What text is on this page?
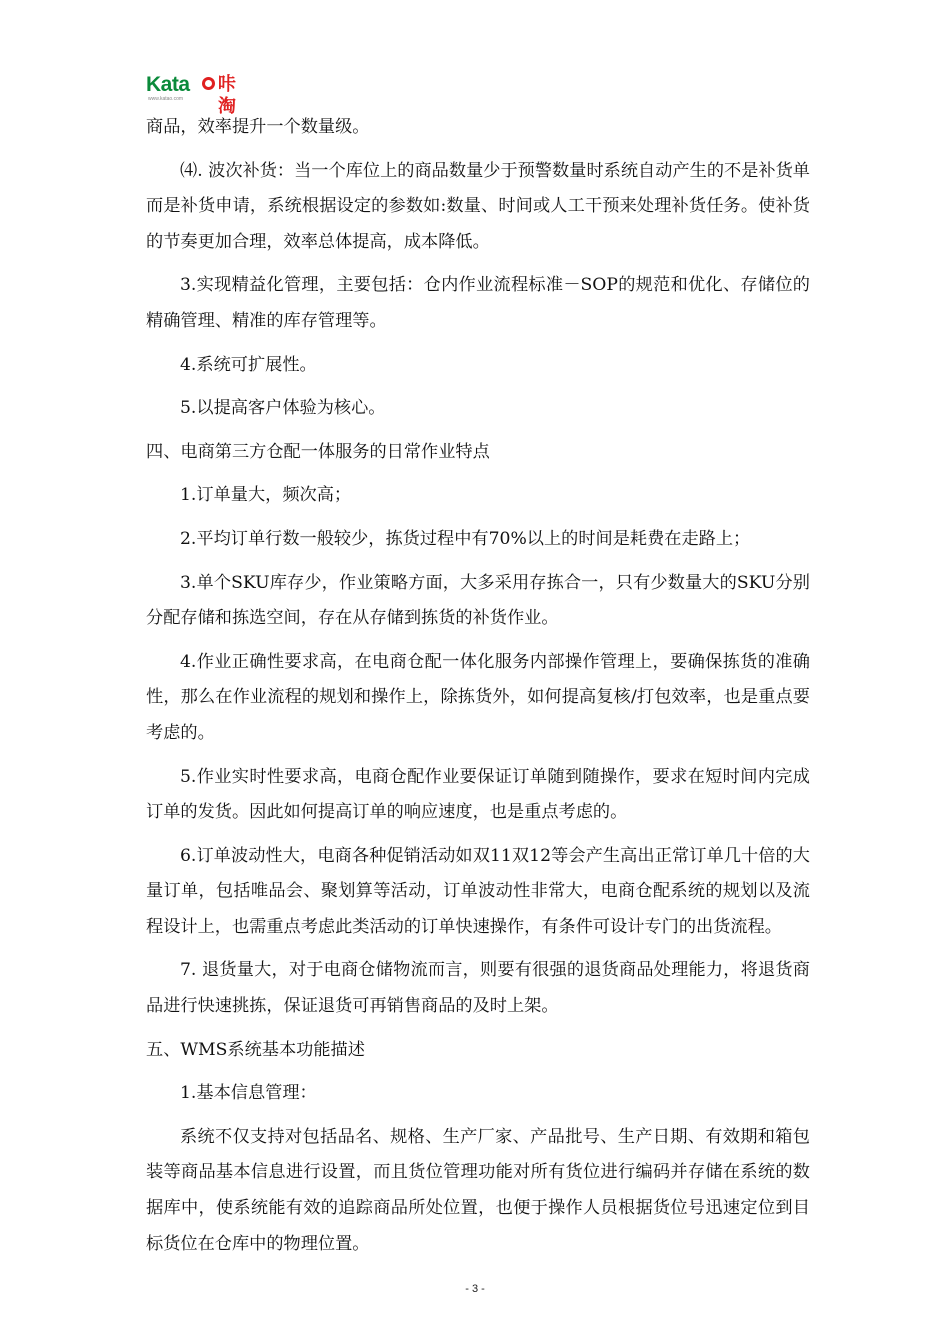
Kata 咔淘
www.katao.com

商品，效率提升一个数量级。

⑷. 波次补货：当一个库位上的商品数量少于预警数量时系统自动产生的不是补货单而是补货申请，系统根据设定的参数如:数量、时间或人工干预来处理补货任务。使补货的节奏更加合理，效率总体提高，成本降低。

3.实现精益化管理，主要包括：仓内作业流程标准－SOP的规范和优化、存储位的精确管理、精准的库存管理等。

4.系统可扩展性。

5.以提高客户体验为核心。

四、电商第三方仓配一体服务的日常作业特点

1.订单量大，频次高；

2.平均订单行数一般较少，拣货过程中有70%以上的时间是耗费在走路上；

3.单个SKU库存少，作业策略方面，大多采用存拣合一，只有少数量大的SKU分别分配存储和拣选空间，存在从存储到拣货的补货作业。

4.作业正确性要求高，在电商仓配一体化服务内部操作管理上，要确保拣货的准确性，那么在作业流程的规划和操作上，除拣货外，如何提高复核/打包效率，也是重点要考虑的。

5.作业实时性要求高，电商仓配作业要保证订单随到随操作，要求在短时间内完成订单的发货。因此如何提高订单的响应速度，也是重点考虑的。

6.订单波动性大，电商各种促销活动如双11双12等会产生高出正常订单几十倍的大量订单，包括唯品会、聚划算等活动，订单波动性非常大，电商仓配系统的规划以及流程设计上，也需重点考虑此类活动的订单快速操作，有条件可设计专门的出货流程。

7. 退货量大，对于电商仓储物流而言，则要有很强的退货商品处理能力，将退货商品进行快速挑拣，保证退货可再销售商品的及时上架。

五、WMS系统基本功能描述

1.基本信息管理：

系统不仅支持对包括品名、规格、生产厂家、产品批号、生产日期、有效期和箱包装等商品基本信息进行设置，而且货位管理功能对所有货位进行编码并存储在系统的数据库中，使系统能有效的追踪商品所处位置，也便于操作人员根据货位号迅速定位到目标货位在仓库中的物理位置。

- 3 -
